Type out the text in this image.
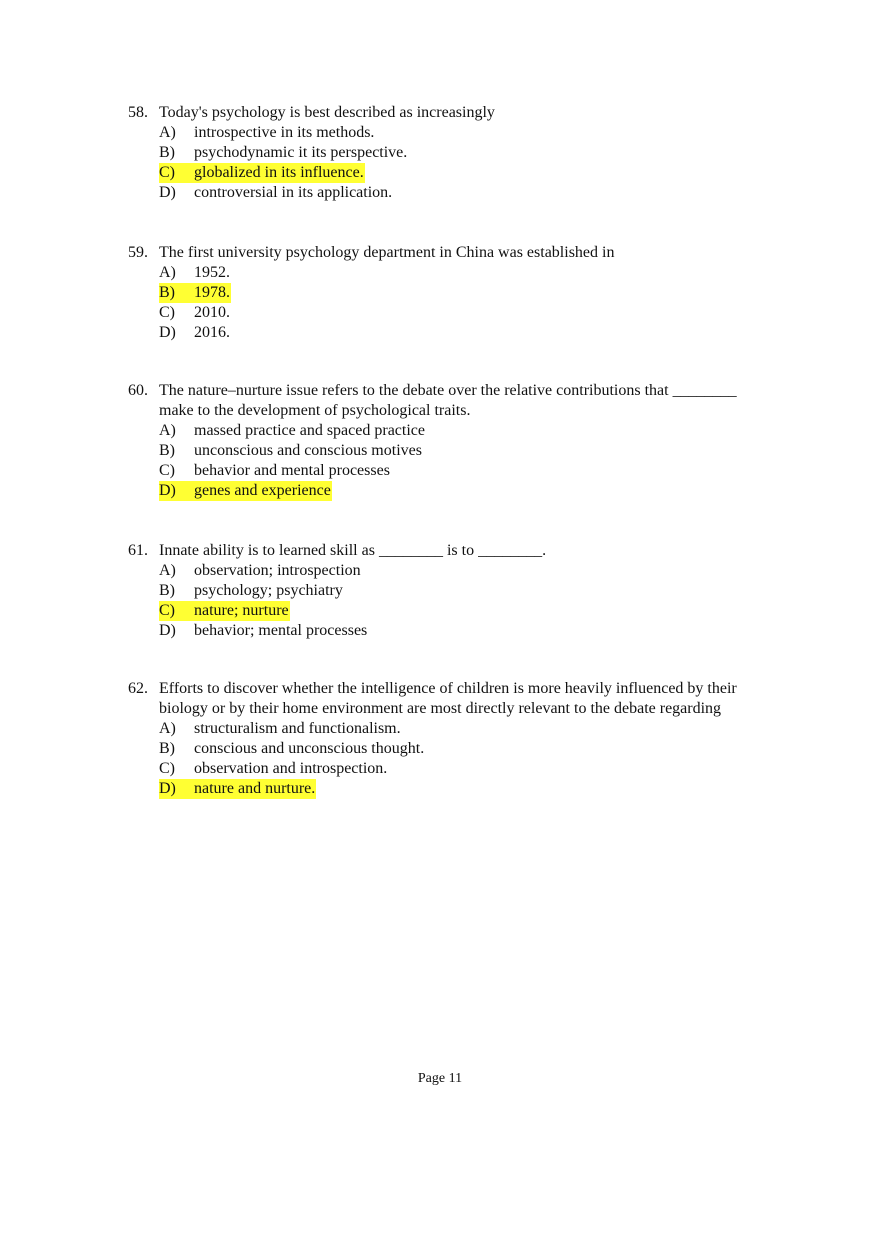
58. Today's psychology is best described as increasingly
A) introspective in its methods.
B) psychodynamic it its perspective.
C) globalized in its influence.
D) controversial in its application.
59. The first university psychology department in China was established in
A) 1952.
B) 1978.
C) 2010.
D) 2016.
60. The nature–nurture issue refers to the debate over the relative contributions that ________ make to the development of psychological traits.
A) massed practice and spaced practice
B) unconscious and conscious motives
C) behavior and mental processes
D) genes and experience
61. Innate ability is to learned skill as ________ is to ________.
A) observation; introspection
B) psychology; psychiatry
C) nature; nurture
D) behavior; mental processes
62. Efforts to discover whether the intelligence of children is more heavily influenced by their biology or by their home environment are most directly relevant to the debate regarding
A) structuralism and functionalism.
B) conscious and unconscious thought.
C) observation and introspection.
D) nature and nurture.
Page 11
